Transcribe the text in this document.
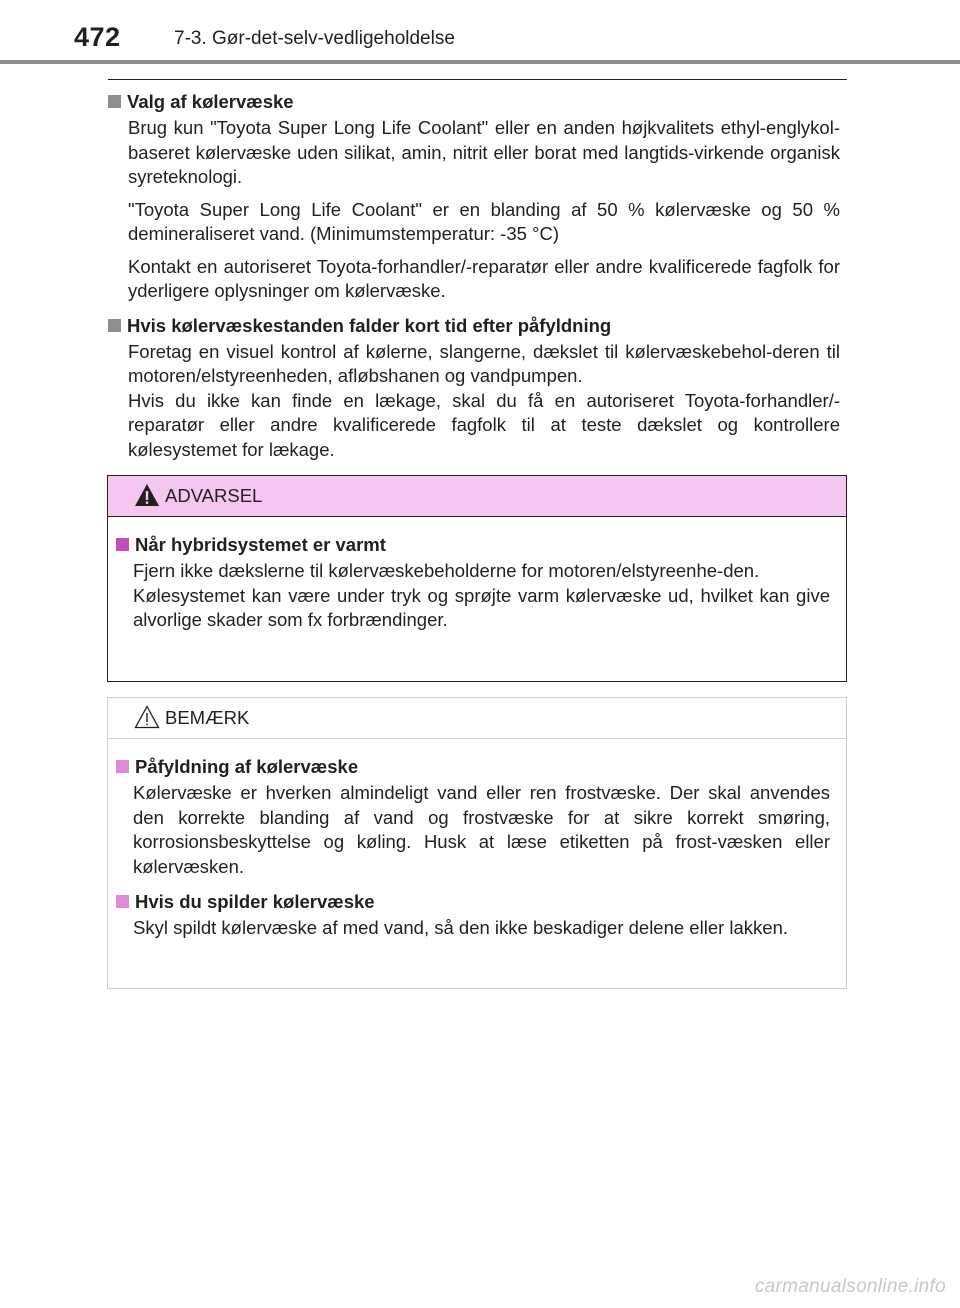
472	7-3. Gør-det-selv-vedligeholdelse
Valg af kølervæske
Brug kun "Toyota Super Long Life Coolant" eller en anden højkvalitets ethyl-englykol-baseret kølervæske uden silikat, amin, nitrit eller borat med langtids-virkende organisk syreteknologi.
"Toyota Super Long Life Coolant" er en blanding af 50 % kølervæske og 50 % demineraliseret vand. (Minimumstemperatur: -35 °C)
Kontakt en autoriseret Toyota-forhandler/-reparatør eller andre kvalificerede fagfolk for yderligere oplysninger om kølervæske.
Hvis kølervæskestanden falder kort tid efter påfyldning
Foretag en visuel kontrol af kølerne, slangerne, dækslet til kølervæskebehol-deren til motoren/elstyreenheden, afløbshanen og vandpumpen.
Hvis du ikke kan finde en lækage, skal du få en autoriseret Toyota-forhandler/-reparatør eller andre kvalificerede fagfolk til at teste dækslet og kontrollere kølesystemet for lækage.
ADVARSEL
Når hybridsystemet er varmt
Fjern ikke dækslerne til kølervæskebeholderne for motoren/elstyreenhe-den.
Kølesystemet kan være under tryk og sprøjte varm kølervæske ud, hvilket kan give alvorlige skader som fx forbrændinger.
BEMÆRK
Påfyldning af kølervæske
Kølervæske er hverken almindeligt vand eller ren frostvæske. Der skal anvendes den korrekte blanding af vand og frostvæske for at sikre korrekt smøring, korrosionsbeskyttelse og køling. Husk at læse etiketten på frost-væsken eller kølervæsken.
Hvis du spilder kølervæske
Skyl spildt kølervæske af med vand, så den ikke beskadiger delene eller lakken.
carmanualsonline.info
